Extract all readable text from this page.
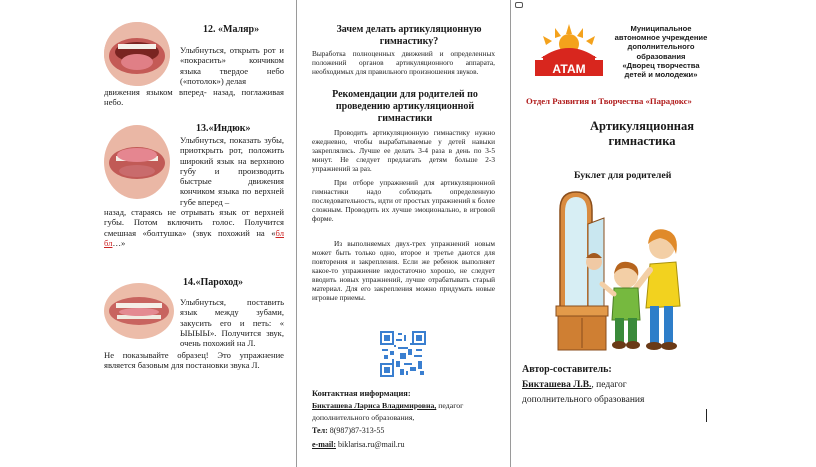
12. «Маляр»
Улыбнуться, открыть рот и «покрасить» кончиком языка твердое небо («потолок») делая
движения языком вперед- назад, поглаживая небо.
13.«Индюк»
Улыбнуться, показать зубы, приоткрыть рот, положить широкий язык на верхнюю губу и производить быстрые движения кончиком языка по верхней губе вперед –
назад, стараясь не отрывать язык от верхней губы. Потом включить голос. Получится смешная «болтушка» (звук похожий на «бл бл…»
14.«Пароход»
Улыбнуться, поставить язык между зубами, закусить его и петь: « ЫЫЫЫ». Получится звук, очень похожий на Л.
Не показывайте образец! Это упражнение является базовым для постановки звука Л.
Зачем делать артикуляционную гимнастику?

Выработка полноценных движений и определенных положений органов артикуляционного аппарата, необходимых для правильного произношения звуков.

Рекомендации для родителей по проведению артикуляционной гимнастики

Проводить артикуляционную гимнастику нужно ежедневно, чтобы вырабатываемые у детей навыки закреплялись. Лучше ее делать 3-4 раза в день по 3-5 минут. Не следует предлагать детям больше 2-3 упражнений за раз.

При отборе упражнений для артикуляционной гимнастики надо соблюдать определенную последовательность, идти от простых упражнений к более сложным. Проводить их лучше эмоционально, в игровой форме.

Из выполняемых двух-трех упражнений новым может быть только одно, второе и третье даются для повторения и закрепления. Если же ребенок выполняет какое-то упражнение недостаточно хорошо, не следует вводить новых упражнений, лучше отрабатывать старый материал. Для его закрепления можно придумать новые игровые приемы.

Контактная информация:
Бикташева Лариса Владимировна, педагог
дополнительного образования,
Тел: 8(987)87-313-55
e-mail: biklarisa.ru@mail.ru
АТАМ
Муниципальное
автономное учреждение
дополнительного
образования
«Дворец творчества
детей и молодежи»
Отдел Развития и Творчества «Парадокс»
Артикуляционная
гимнастика
Буклет для родителей
Автор-составитель:
Бикташева Л.В., педагог
дополнительного образования
